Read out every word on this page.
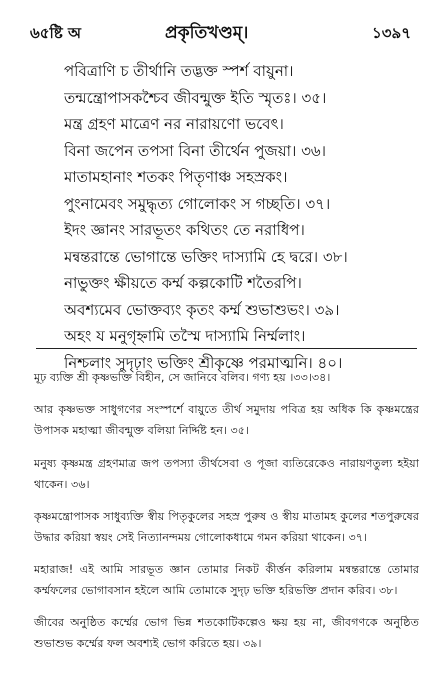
৬৫ষ্টি অ	প্রকৃতিখণ্ডম্‌।	১৩৯৭
পবিত্রাণি চ তীর্থানি তদ্ভক্ত স্পর্শ বায়ুনা।
তন্মন্ত্রোপাসকশ্চৈব জীবন্মুক্ত ইতি স্মৃতঃ। ৩৫।
মন্ত্র গ্রহণ মাত্রেণ নর নারায়ণো ভবেৎ।
বিনা জপেন তপসা বিনা তীর্থেন পুজয়া। ৩৬।
মাতামহানাং শতকং পিতৃণাঞ্চ সহস্রকং।
পুংনামেবং সমুদ্ধৃত্য গোলোকং স গচ্ছতি। ৩৭।
ইদং জ্ঞানং সারভূতং কথিতং তে নরাধিপ।
মন্বন্তরান্তে ভোগান্তে ভক্তিং দাস্যামি হে দ্বরে। ৩৮।
নাভুক্তং ক্ষীয়তে কর্ম্ম কল্পকোটি শতৈরপি।
অবশ্যমেব ভোক্তব্যং কৃতং কর্ম্ম শুভাশুভং। ৩৯।
অহং য মনুগৃহ্নামি তস্মৈ দাস্যামি নির্ম্মলাং।
নিশ্চলাং সুদৃঢ়াং ভক্তিং শ্রীকৃষ্ণে পরমাত্মনি। ৪০।

মূঢ় ব্যক্তি শ্রী কৃষ্ণভক্তি বিহীন, সে জানিবে বলিব। গণ্য হয় ।৩৩।৩৪।

আর কৃষ্ণভক্ত সাধুগণের সংস্পর্শে বায়ুতে তীর্থ সমুদায় পবিত্র হয় অধিক কি কৃষ্ণমন্ত্রের উপাসক মহাত্মা জীবন্মুক্ত বলিয়া নির্দ্দিষ্ট হন। ৩৫।

মনুষ্য কৃষ্ণমন্ত্র গ্রহণমাত্র জপ তপস্যা তীর্থসেবা ও পূজা ব্যতিরেকেও নারায়ণতুল্য হইয়া থাকেন। ৩৬।

কৃষ্ণমন্ত্রোপাসক সাধুব্যক্তি স্বীয় পিতৃকুলের সহস্র পুরুষ ও স্বীয় মাতামহ কুলের শতপুরুষের উদ্ধার করিয়া স্বয়ং সেই নিত্যানন্দময় গোলোকধামে গমন করিয়া থাকেন। ৩৭।

মহারাজ! এই আমি সারভূত জ্ঞান তোমার নিকট কীর্ত্তন করিলাম মন্বন্তরান্তে তোমার কর্ম্মফলের ভোগাবসান হইলে আমি তোমাকে সুদৃঢ় ভক্তি হরিভক্তি প্রদান করিব। ৩৮।

জীবের অনুষ্ঠিত কর্ম্মের ভোগ ভিন্ন শতকোটিকল্পেও ক্ষয় হয় না, জীবগণকে অনুষ্ঠিত শুভাশুভ কর্ম্মের ফল অবশ্যই ভোগ করিতে হয়। ৩৯।
